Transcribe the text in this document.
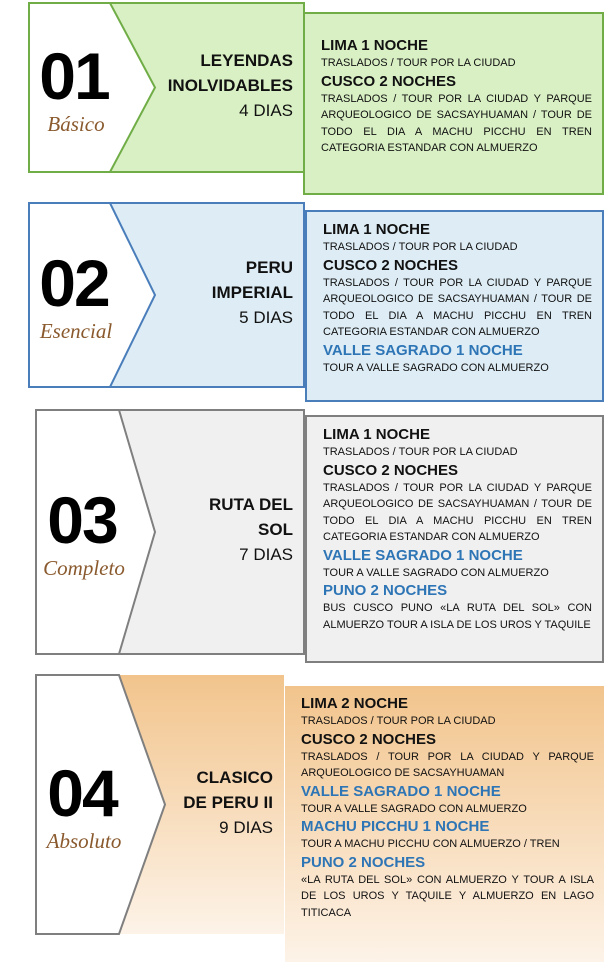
01
Básico
LEYENDAS
INOLVIDABLES
4 DIAS
LIMA 1 NOCHE

TRASLADOS / TOUR POR LA CIUDAD

CUSCO 2 NOCHES

TRASLADOS / TOUR POR LA CIUDAD Y PARQUE ARQUEOLOGICO DE SACSAYHUAMAN / TOUR DE TODO EL DIA A MACHU PICCHU EN TREN CATEGORIA ESTANDAR CON ALMUERZO

02
Esencial
PERU
IMPERIAL
5 DIAS
LIMA 1 NOCHE

TRASLADOS / TOUR POR LA CIUDAD

CUSCO 2 NOCHES

TRASLADOS / TOUR POR LA CIUDAD Y PARQUE ARQUEOLOGICO DE SACSAYHUAMAN / TOUR DE TODO EL DIA A MACHU PICCHU EN TREN CATEGORIA ESTANDAR CON ALMUERZO

VALLE SAGRADO 1 NOCHE

TOUR A VALLE SAGRADO CON ALMUERZO

03
Completo
RUTA DEL
SOL
7 DIAS
LIMA 1 NOCHE

TRASLADOS / TOUR POR LA CIUDAD

CUSCO 2 NOCHES

TRASLADOS / TOUR POR LA CIUDAD Y PARQUE ARQUEOLOGICO DE SACSAYHUAMAN / TOUR DE TODO EL DIA A MACHU PICCHU EN TREN CATEGORIA ESTANDAR CON ALMUERZO

VALLE SAGRADO 1 NOCHE

TOUR A VALLE SAGRADO CON ALMUERZO

PUNO 2 NOCHES

BUS CUSCO PUNO «LA RUTA DEL SOL» CON ALMUERZO TOUR A ISLA DE LOS UROS Y TAQUILE

04
Absoluto
CLASICO
DE PERU II
9 DIAS
LIMA 2 NOCHE

TRASLADOS / TOUR POR LA CIUDAD

CUSCO 2 NOCHES

TRASLADOS / TOUR POR LA CIUDAD Y PARQUE ARQUEOLOGICO DE SACSAYHUAMAN

VALLE SAGRADO 1 NOCHE

TOUR A VALLE SAGRADO CON ALMUERZO

MACHU PICCHU 1 NOCHE

TOUR A MACHU PICCHU CON ALMUERZO / TREN

PUNO 2 NOCHES

«LA RUTA DEL SOL» CON ALMUERZO Y TOUR A ISLA DE LOS UROS Y TAQUILE Y ALMUERZO EN LAGO TITICACA
